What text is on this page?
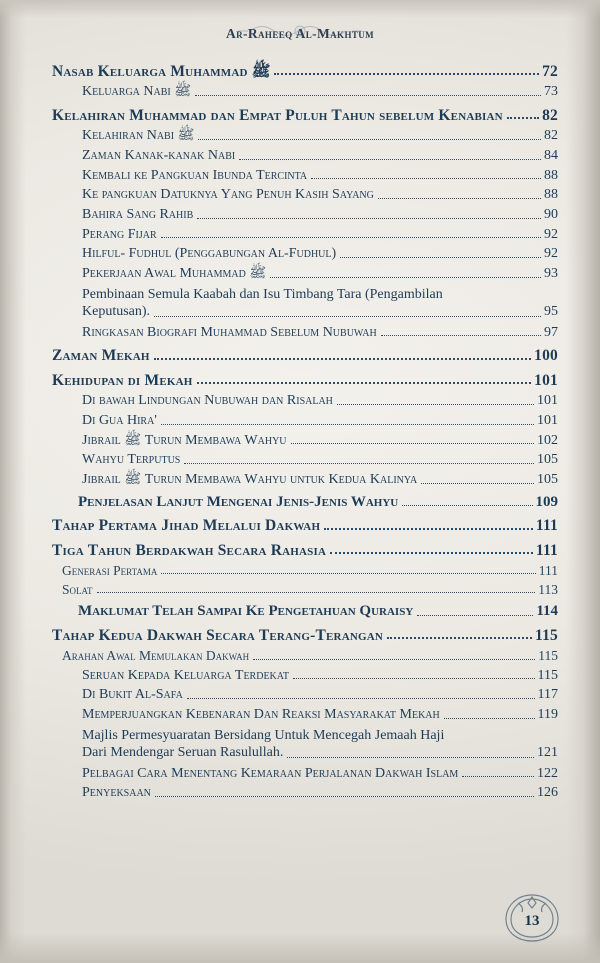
Ar-Raheeq Al-Makhtum
Nasab Keluarga Muhammad ﷺ	72
Keluarga Nabi ﷺ	73
Kelahiran Muhammad dan Empat Puluh Tahun sebelum Kenabian	82
Kelahiran Nabi ﷺ	82
Zaman Kanak-kanak Nabi	84
Kembali ke Pangkuan Ibunda Tercinta	88
Ke pangkuan Datuknya Yang Penuh Kasih Sayang	88
Bahira Sang Rahib	90
Perang Fijar	92
Hilful- Fudhul (Penggabungan Al-Fudhul)	92
Pekerjaan Awal Muhammad ﷺ	93
Pembinaan Semula Kaabah dan Isu Timbang Tara (Pengambilan
Keputusan).	95
Ringkasan Biografi Muhammad Sebelum Nubuwah	97
Zaman Mekah	100
Kehidupan di Mekah	101
Di bawah Lindungan Nubuwah dan Risalah	101
Di Gua Hira'	101
Jibrail ﷺ Turun Membawa Wahyu	102
Wahyu Terputus	105
Jibrail ﷺ Turun Membawa Wahyu untuk Kedua Kalinya	105
Penjelasan Lanjut Mengenai Jenis-Jenis Wahyu	109
Tahap Pertama Jihad Melalui Dakwah	111
Tiga Tahun Berdakwah Secara Rahasia	111
Generasi Pertama	111
Solat	113
Maklumat Telah Sampai Ke Pengetahuan Quraisy	114
Tahap Kedua Dakwah Secara Terang-Terangan	115
Arahan Awal Memulakan Dakwah	115
Seruan Kepada Keluarga Terdekat	115
Di Bukit Al-Safa	117
Memperjuangkan Kebenaran Dan Reaksi Masyarakat Mekah	119
Majlis Permesyuaratan Bersidang Untuk Mencegah Jemaah Haji
Dari Mendengar Seruan Rasulullah.	121
Pelbagai Cara Menentang Kemaraan Perjalanan Dakwah Islam	122
Penyeksaan	126
13
